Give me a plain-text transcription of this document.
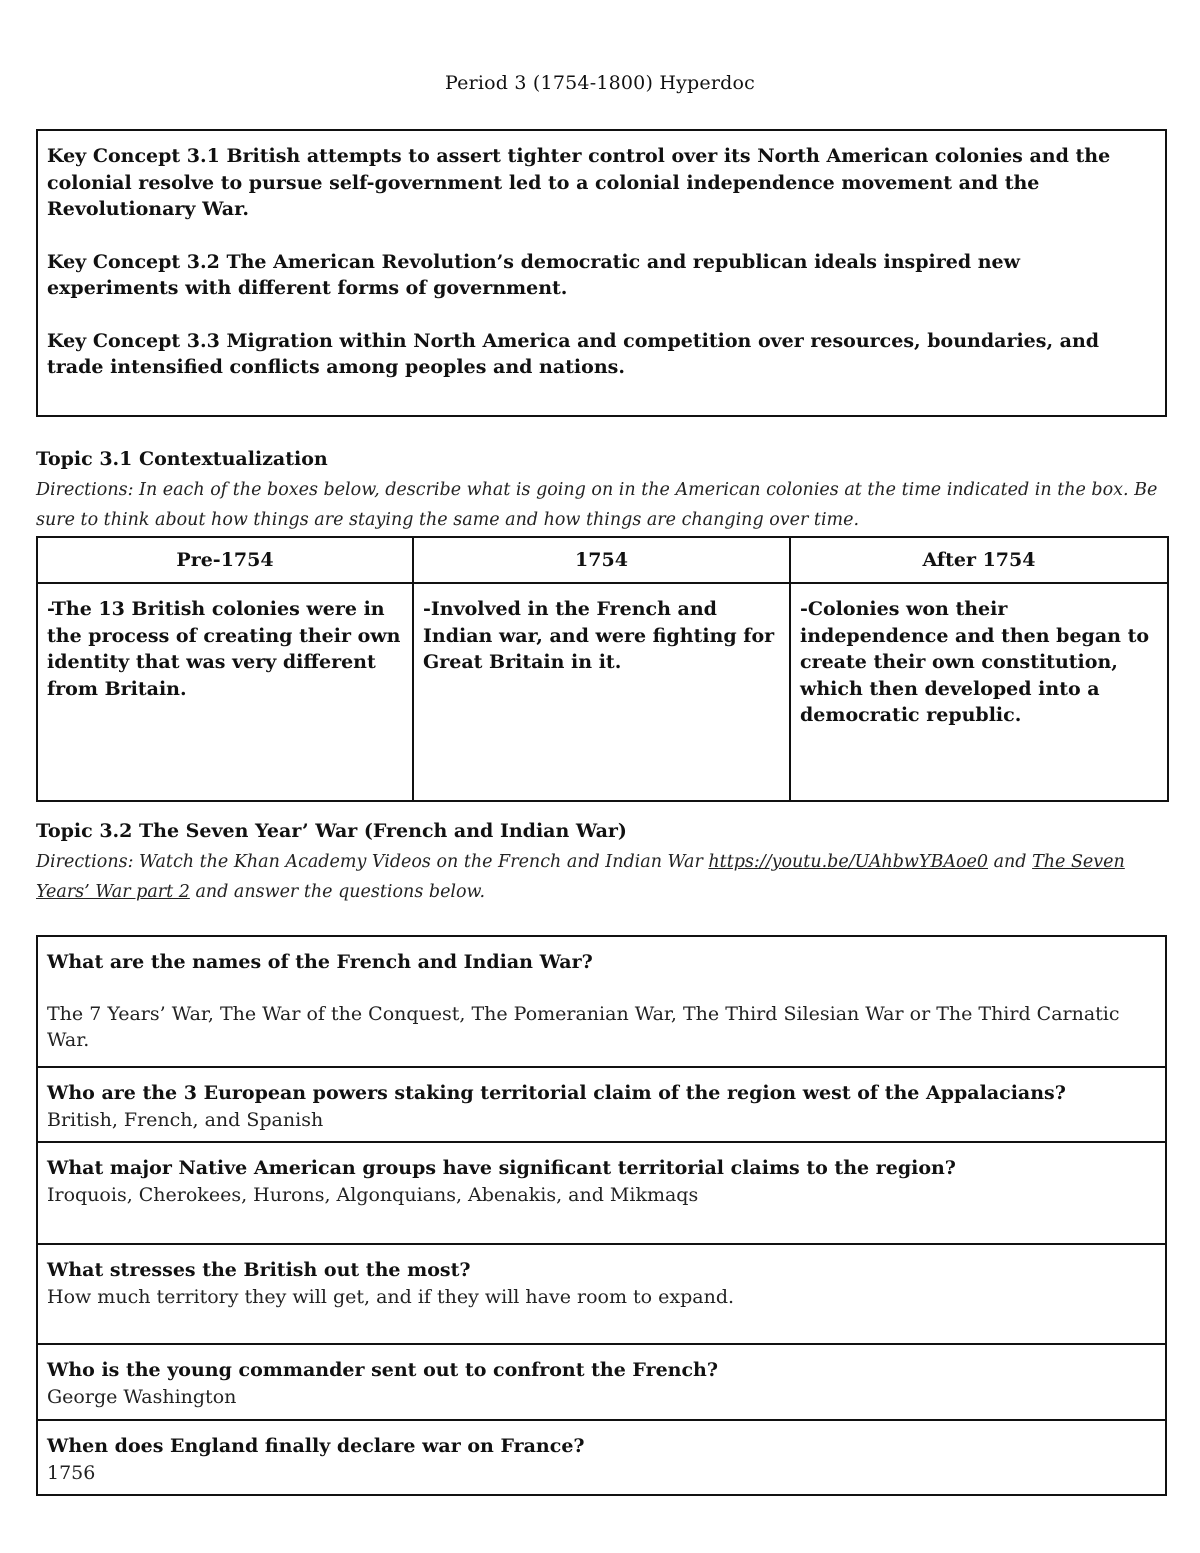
Period 3 (1754-1800) Hyperdoc

Key Concept 3.1 British attempts to assert tighter control over its North American colonies and the colonial resolve to pursue self-government led to a colonial independence movement and the Revolutionary War.

Key Concept 3.2 The American Revolution’s democratic and republican ideals inspired new experiments with different forms of government.

Key Concept 3.3 Migration within North America and competition over resources, boundaries, and trade intensified conflicts among peoples and nations.

Topic 3.1 Contextualization
Directions: In each of the boxes below, describe what is going on in the American colonies at the time indicated in the box. Be sure to think about how things are staying the same and how things are changing over time.
Pre-1754	1754	After 1754
-The 13 British colonies were in the process of creating their own identity that was very different from Britain.	-Involved in the French and Indian war, and were fighting for Great Britain in it.	-Colonies won their independence and then began to create their own constitution, which then developed into a democratic republic.
Topic 3.2 The Seven Year’ War (French and Indian War)
Directions: Watch the Khan Academy Videos on the French and Indian War https://youtu.be/UAhbwYBAoe0 and The Seven Years’ War part 2 and answer the questions below.
What are the names of the French and Indian War?
The 7 Years’ War, The War of the Conquest, The Pomeranian War, The Third Silesian War or The Third Carnatic War.
Who are the 3 European powers staking territorial claim of the region west of the Appalacians?
British, French, and Spanish
What major Native American groups have significant territorial claims to the region?
Iroquois, Cherokees, Hurons, Algonquians, Abenakis, and Mikmaqs
What stresses the British out the most?
How much territory they will get, and if they will have room to expand.
Who is the young commander sent out to confront the French?
George Washington
When does England finally declare war on France?
1756
